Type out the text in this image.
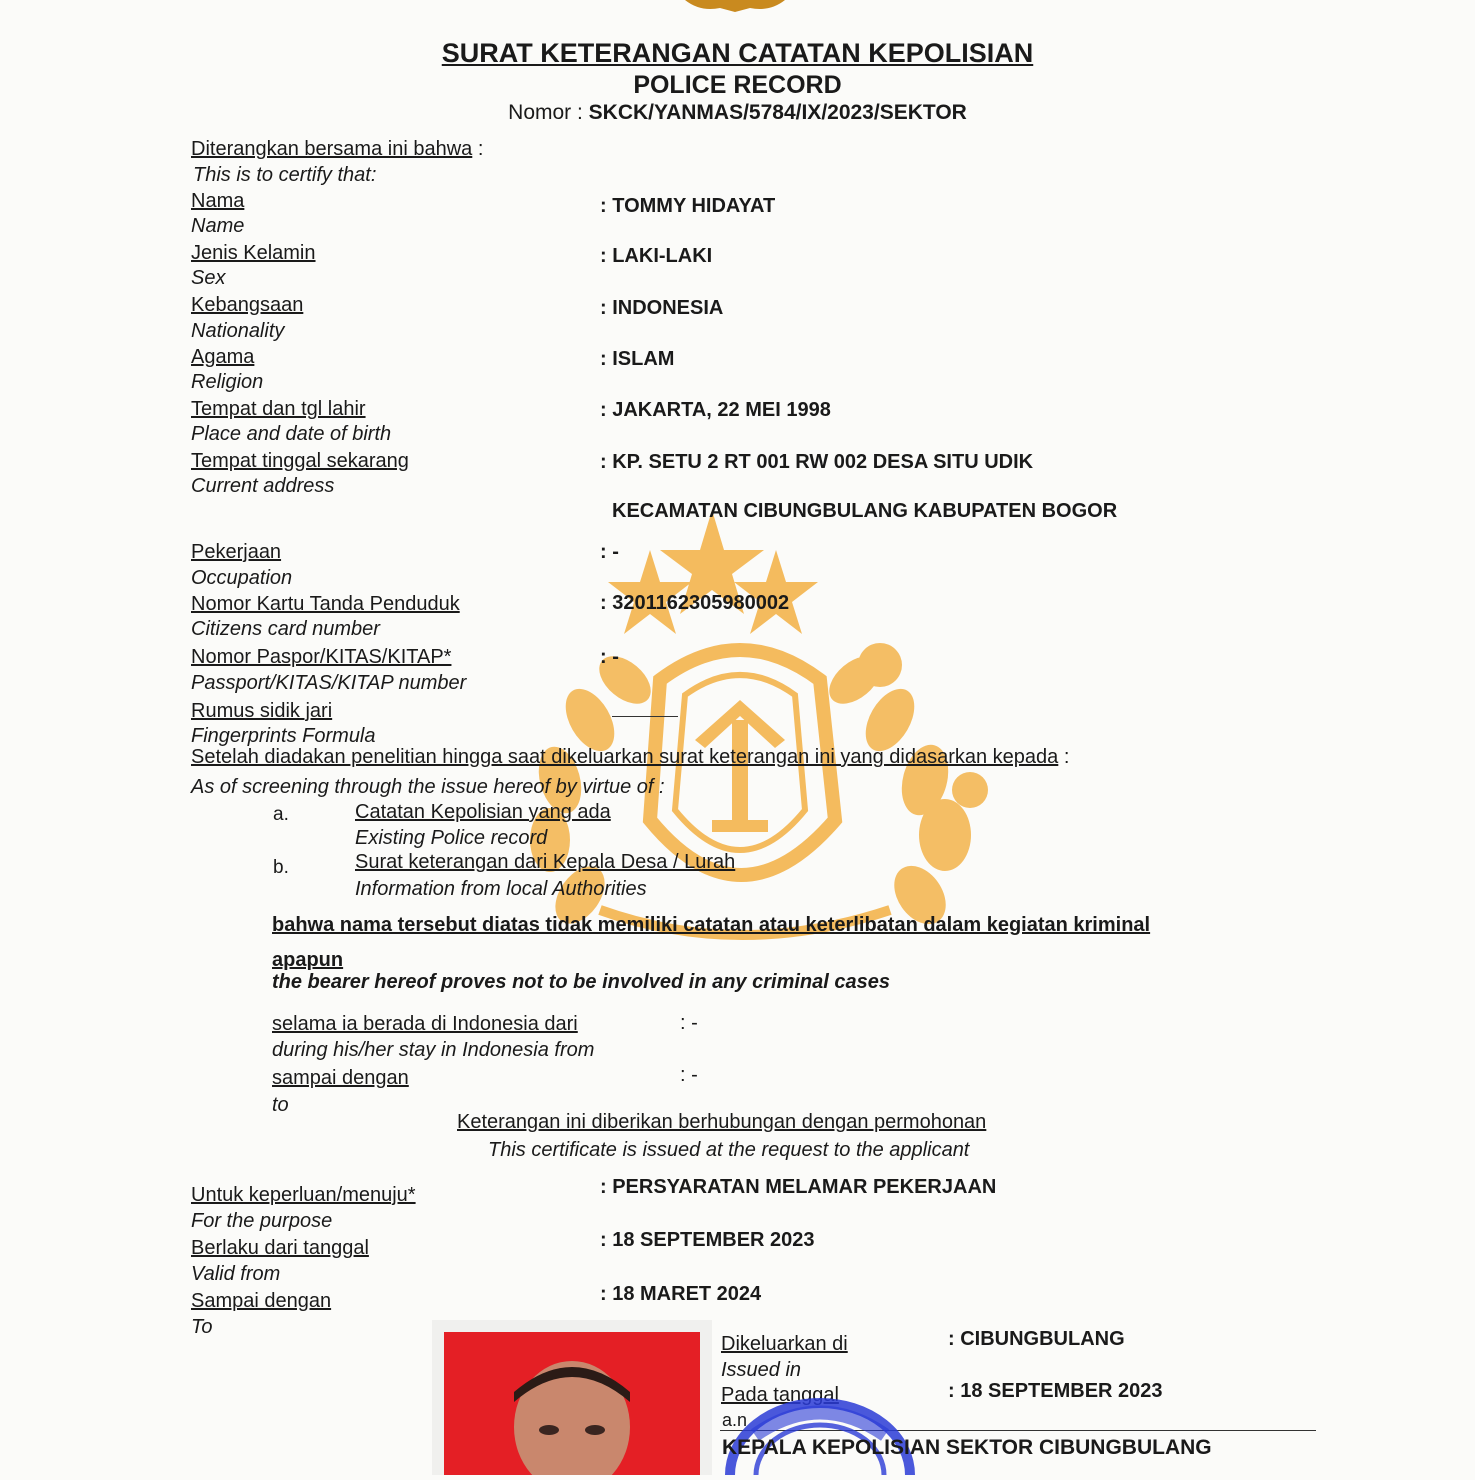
SURAT KETERANGAN CATATAN KEPOLISIAN
POLICE RECORD
Nomor : SKCK/YANMAS/5784/IX/2023/SEKTOR
Diterangkan bersama ini bahwa :
This is to certify that:
Nama
Name
: TOMMY HIDAYAT
Jenis Kelamin
Sex
: LAKI-LAKI
Kebangsaan
Nationality
: INDONESIA
Agama
Religion
: ISLAM
Tempat dan tgl lahir
Place and date of birth
: JAKARTA, 22 MEI 1998
Tempat tinggal sekarang
Current address
: KP. SETU 2 RT 001 RW 002 DESA SITU UDIK
KECAMATAN CIBUNGBULANG KABUPATEN BOGOR
Pekerjaan
Occupation
: -
Nomor Kartu Tanda Penduduk
Citizens card number
: 3201162305980002
Nomor Paspor/KITAS/KITAP*
Passport/KITAS/KITAP number
: -
Rumus sidik jari
Fingerprints Formula
Setelah diadakan penelitian hingga saat dikeluarkan surat keterangan ini yang didasarkan kepada :
As of screening through the issue hereof by virtue of :
a.	Catatan Kepolisian yang ada
Existing Police record
b.	Surat keterangan dari Kepala Desa / Lurah
Information from local Authorities
bahwa nama tersebut diatas tidak memiliki catatan atau keterlibatan dalam kegiatan kriminal
apapun
the bearer hereof proves not to be involved in any criminal cases
selama ia berada di Indonesia dari
during his/her stay in Indonesia from
: -
sampai dengan
to
: -
Keterangan ini diberikan berhubungan dengan permohonan
This certificate is issued at the request to the applicant
Untuk keperluan/menuju*
For the purpose
: PERSYARATAN MELAMAR PEKERJAAN
Berlaku dari tanggal
Valid from
: 18 SEPTEMBER 2023
Sampai dengan
To
: 18 MARET 2024
Dikeluarkan di
Issued in
: CIBUNGBULANG
Pada tanggal	: 18 SEPTEMBER 2023
a.n
KEPALA KEPOLISIAN SEKTOR CIBUNGBULANG
